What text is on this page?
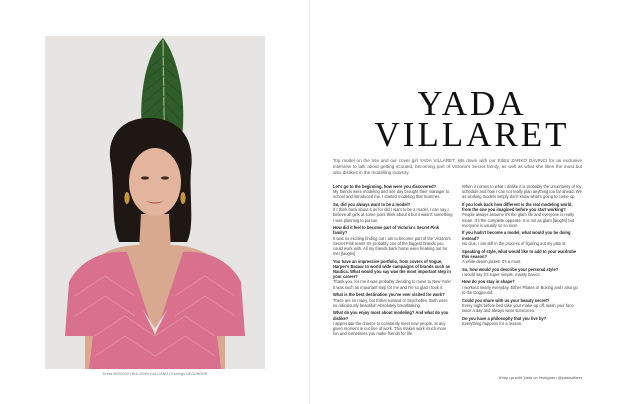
Dress MISSONI | Bra JOHN GALLIANO | Earrings NEOUNGER
YADA
VILLARET

Top model on the rise and our cover girl YADA VILLARET, sits down with our Editor ZARKO DAVINCI for an exclusive interview to talk about getting scouted, becoming part of Victoria's Secret family, as well as what she likes the most but also dislikes in the modelling industry.

Let's go to the beginning, how were you discovered?
My friends were modeling and one day brought their manager to school and introduced me. I started modeling that Summer.
So, did you always want to be a model?
If I think back about it as for did I want to be a model, I can say I believe all girls at some point think about it but it wasn't something I was planning to pursue.
How did it feel to become part of Victoria's Secret Pink family?
It was so exciting finding out I am to become part of the Victoria's Secret Pink team! It's probably one of the biggest brands you could work with. All my friends back home were freaking out for me! [laughs]
You have an impressive portfolio, from covers of Vogue, Harper's Bazaar to world wide campaigns of brands such as Nautica. What would you say was the most important step in your career?
Thank you, for me it was probably deciding to move to New York! It was such an important step for me and I'm so glad I took it.
What is the best destination you've ever visited for work?
There are so many, but Either Iceland or Seychelles. Both were so ridiculously beautiful! Absolutely breathtaking.
What do you enjoy most about modeling? And what do you dislike?
I appreciate the chance to constantly meet new people, at any given moment in our line of work. This makes work much more fun and sometimes you make friends for life
When it comes to what I dislike it is probably the uncertainty of my schedule and how I can not really plan anything too far ahead. We as working models simply don't know what's going to come up.
If you look back how different is the real modeling world, from the one you imagined before you start working?
People always assume it's the glam life and everyone is really mean. It's the complete opposite. It is not as glam [laughs] but everyone is usually so so nice!
If you hadn't become a model, what would you be doing instead?
No clue. I am still in the process of figuring out my plan B.
Speaking of style, what would like to add to your wardrobe this season?
A white denim jacket! It's a must.
So, how would you describe your personal style?
I would say it's super simple, mainly basics.
How do you stay in shape?
I workout nearly everyday. Either Pilates or Boxing and I also go to the Dogpound.
Could you share with us your beauty secret?
Every night before bed take your make-up off, wash your face twice a day and always wear sunscreen.
Do you have a philosophy that you live by?
Everything happens for a reason.
Keep up with Yada on Instagram @yadavillaret
